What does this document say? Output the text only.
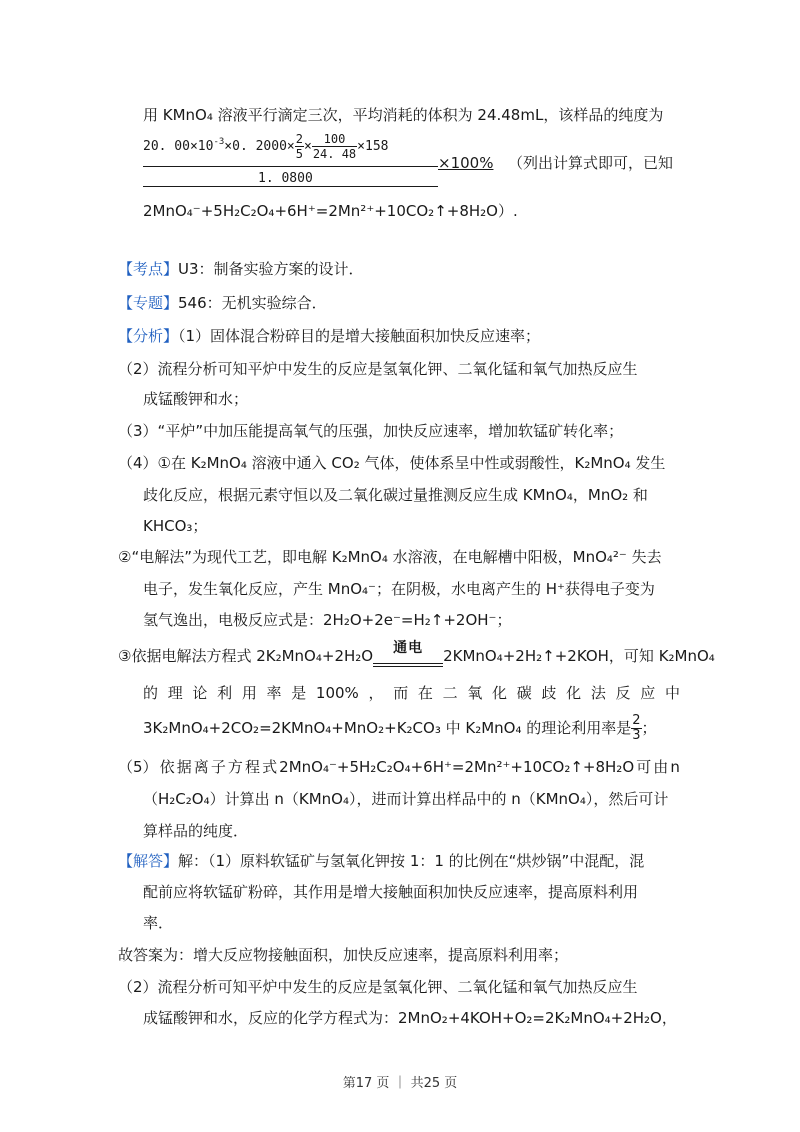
用 KMnO₄ 溶液平行滴定三次，平均消耗的体积为 24.48mL，该样品的纯度为
20. $00\times 10^{-3}\times 0$. $2000\times \frac{2}{5} \times \frac{100}{24. 48} \times 158$
1. 0800
×100% （列出计算式即可，已知
2MnO₄⁻+5H₂C₂O₄+6H⁺=2Mn²⁺+10CO₂↑+8H₂O）.
【考点】U3：制备实验方案的设计．
【专题】546：无机实验综合．
【分析】（1）固体混合粉碎目的是增大接触面积加快反应速率；
（2）流程分析可知平炉中发生的反应是氢氧化钾、二氧化锰和氧气加热反应生
成锰酸钾和水；
（3）“平炉”中加压能提高氧气的压强，加快反应速率，增加软锰矿转化率；
（4）①在 K₂MnO₄ 溶液中通入 CO₂ 气体，使体系呈中性或弱酸性，K₂MnO₄ 发生
歧化反应，根据元素守恒以及二氧化碳过量推测反应生成 KMnO₄，MnO₂ 和
KHCO₃；
②“电解法”为现代工艺，即电解 K₂MnO₄ 水溶液，在电解槽中阳极，MnO₄²⁻ 失去
电子，发生氧化反应，产生 MnO₄⁻；在阴极，水电离产生的 H⁺获得电子变为
氢气逸出，电极反应式是：2H₂O+2e⁻=H₂↑+2OH⁻；
③依据电解法方程式 2K₂MnO₄+2H₂O	通电	2KMnO₄+2H₂↑+2KOH，可知 K₂MnO₄
的 理 论 利 用 率 是 100% ， 而 在 二 氧 化 碳 歧 化 法 反 应 中
3K₂MnO₄+2CO₂=2KMnO₄+MnO₂+K₂CO₃ 中 K₂MnO₄ 的理论利用率是 $\frac{2}{3}$ ；
（5） 依 据 离 子 方 程 式 2MnO₄⁻+5H₂C₂O₄+6H⁺=2Mn²⁺+10CO₂↑+8H₂O 可 由 n
（H₂C₂O₄）计算出 n（KMnO₄），进而计算出样品中的 n（KMnO₄），然后可计
算样品的纯度．
【解答】解：（1）原料软锰矿与氢氧化钾按 1：1 的比例在“烘炒锅”中混配，混
配前应将软锰矿粉碎，其作用是增大接触面积加快反应速率，提高原料利用
率．
故答案为：增大反应物接触面积，加快反应速率，提高原料利用率；
（2）流程分析可知平炉中发生的反应是氢氧化钾、二氧化锰和氧气加热反应生
成锰酸钾和水，反应的化学方程式为：2MnO₂+4KOH+O₂=2K₂MnO₄+2H₂O，
第17 页 ｜ 共25 页
